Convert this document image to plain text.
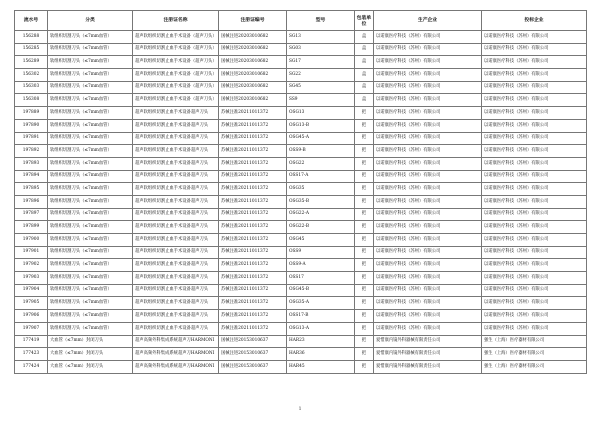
流水号	分类	注册证名称	注册证编号	型号	包装单位	生产企业	投标企业
156288	软组织切割刀头（≤7mm血管）	超声软组织切割止血手术设备（超声刀头）	国械注进20203010682	SG13	盒	以诺康医疗科技（苏州）有限公司	以诺康医疗科技（苏州）有限公司
156285	软组织切割刀头（≤7mm血管）	超声软组织切割止血手术设备（超声刀头）	国械注进20203010682	SG03	盒	以诺康医疗科技（苏州）有限公司	以诺康医疗科技（苏州）有限公司
156289	软组织切割刀头（≤7mm血管）	超声软组织切割止血手术设备（超声刀头）	国械注进20203010682	SG17	盒	以诺康医疗科技（苏州）有限公司	以诺康医疗科技（苏州）有限公司
156302	软组织切割刀头（≤7mm血管）	超声软组织切割止血手术设备（超声刀头）	国械注进20203010682	SG22	盒	以诺康医疗科技（苏州）有限公司	以诺康医疗科技（苏州）有限公司
156303	软组织切割刀头（≤7mm血管）	超声软组织切割止血手术设备（超声刀头）	国械注进20203010682	SG45	盒	以诺康医疗科技（苏州）有限公司	以诺康医疗科技（苏州）有限公司
156308	软组织切割刀头（≤7mm血管）	超声软组织切割止血手术设备（超声刀头）	国械注进20203010682	SS9	盒	以诺康医疗科技（苏州）有限公司	以诺康医疗科技（苏州）有限公司
197889	软组织切割刀头（≤7mm血管）	超声软组织切割止血手术设备超声刀头	苏械注准20211011372	OSG13	把	以诺康医疗科技（苏州）有限公司	以诺康医疗科技（苏州）有限公司
197890	软组织切割刀头（≤7mm血管）	超声软组织切割止血手术设备超声刀头	苏械注准20211011372	OSG13-B	把	以诺康医疗科技（苏州）有限公司	以诺康医疗科技（苏州）有限公司
197891	软组织切割刀头（≤7mm血管）	超声软组织切割止血手术设备超声刀头	苏械注准20211011372	OSG45-A	把	以诺康医疗科技（苏州）有限公司	以诺康医疗科技（苏州）有限公司
197892	软组织切割刀头（≤7mm血管）	超声软组织切割止血手术设备超声刀头	苏械注准20211011372	OSS9-B	把	以诺康医疗科技（苏州）有限公司	以诺康医疗科技（苏州）有限公司
197893	软组织切割刀头（≤7mm血管）	超声软组织切割止血手术设备超声刀头	苏械注准20211011372	OSG22	把	以诺康医疗科技（苏州）有限公司	以诺康医疗科技（苏州）有限公司
197894	软组织切割刀头（≤7mm血管）	超声软组织切割止血手术设备超声刀头	苏械注准20211011372	OSS17-A	把	以诺康医疗科技（苏州）有限公司	以诺康医疗科技（苏州）有限公司
197895	软组织切割刀头（≤7mm血管）	超声软组织切割止血手术设备超声刀头	苏械注准20211011372	OSG35	把	以诺康医疗科技（苏州）有限公司	以诺康医疗科技（苏州）有限公司
197896	软组织切割刀头（≤7mm血管）	超声软组织切割止血手术设备超声刀头	苏械注准20211011372	OSG35-B	把	以诺康医疗科技（苏州）有限公司	以诺康医疗科技（苏州）有限公司
197897	软组织切割刀头（≤7mm血管）	超声软组织切割止血手术设备超声刀头	苏械注准20211011372	OSG22-A	把	以诺康医疗科技（苏州）有限公司	以诺康医疗科技（苏州）有限公司
197899	软组织切割刀头（≤7mm血管）	超声软组织切割止血手术设备超声刀头	苏械注准20211011372	OSG22-B	把	以诺康医疗科技（苏州）有限公司	以诺康医疗科技（苏州）有限公司
197900	软组织切割刀头（≤7mm血管）	超声软组织切割止血手术设备超声刀头	苏械注准20211011372	OSG45	把	以诺康医疗科技（苏州）有限公司	以诺康医疗科技（苏州）有限公司
197901	软组织切割刀头（≤7mm血管）	超声软组织切割止血手术设备超声刀头	苏械注准20211011372	OSS9	把	以诺康医疗科技（苏州）有限公司	以诺康医疗科技（苏州）有限公司
197902	软组织切割刀头（≤7mm血管）	超声软组织切割止血手术设备超声刀头	苏械注准20211011372	OSS9-A	把	以诺康医疗科技（苏州）有限公司	以诺康医疗科技（苏州）有限公司
197903	软组织切割刀头（≤7mm血管）	超声软组织切割止血手术设备超声刀头	苏械注准20211011372	OSS17	把	以诺康医疗科技（苏州）有限公司	以诺康医疗科技（苏州）有限公司
197904	软组织切割刀头（≤7mm血管）	超声软组织切割止血手术设备超声刀头	苏械注准20211011372	OSG45-B	把	以诺康医疗科技（苏州）有限公司	以诺康医疗科技（苏州）有限公司
197905	软组织切割刀头（≤7mm血管）	超声软组织切割止血手术设备超声刀头	苏械注准20211011372	OSG35-A	把	以诺康医疗科技（苏州）有限公司	以诺康医疗科技（苏州）有限公司
197906	软组织切割刀头（≤7mm血管）	超声软组织切割止血手术设备超声刀头	苏械注准20211011372	OSS17-B	把	以诺康医疗科技（苏州）有限公司	以诺康医疗科技（苏州）有限公司
197907	软组织切割刀头（≤7mm血管）	超声软组织切割止血手术设备超声刀头	苏械注准20211011372	OSG13-A	把	以诺康医疗科技（苏州）有限公司	以诺康医疗科技（苏州）有限公司
177419	大血管（≤7mm）封闭刀头	超声高频外科集成系统超声刀HARMONI	国械注进20153010637	HAR23	把	爱惜康内镜外科器械有限责任公司	强生（上海）医疗器材有限公司
177423	大血管（≤7mm）封闭刀头	超声高频外科集成系统超声刀HARMONI	国械注进20153010637	HAR36	把	爱惜康内镜外科器械有限责任公司	强生（上海）医疗器材有限公司
177424	大血管（≤7mm）封闭刀头	超声高频外科集成系统超声刀HARMONI	国械注进20153010637	HAR45	把	爱惜康内镜外科器械有限责任公司	强生（上海）医疗器材有限公司
1
